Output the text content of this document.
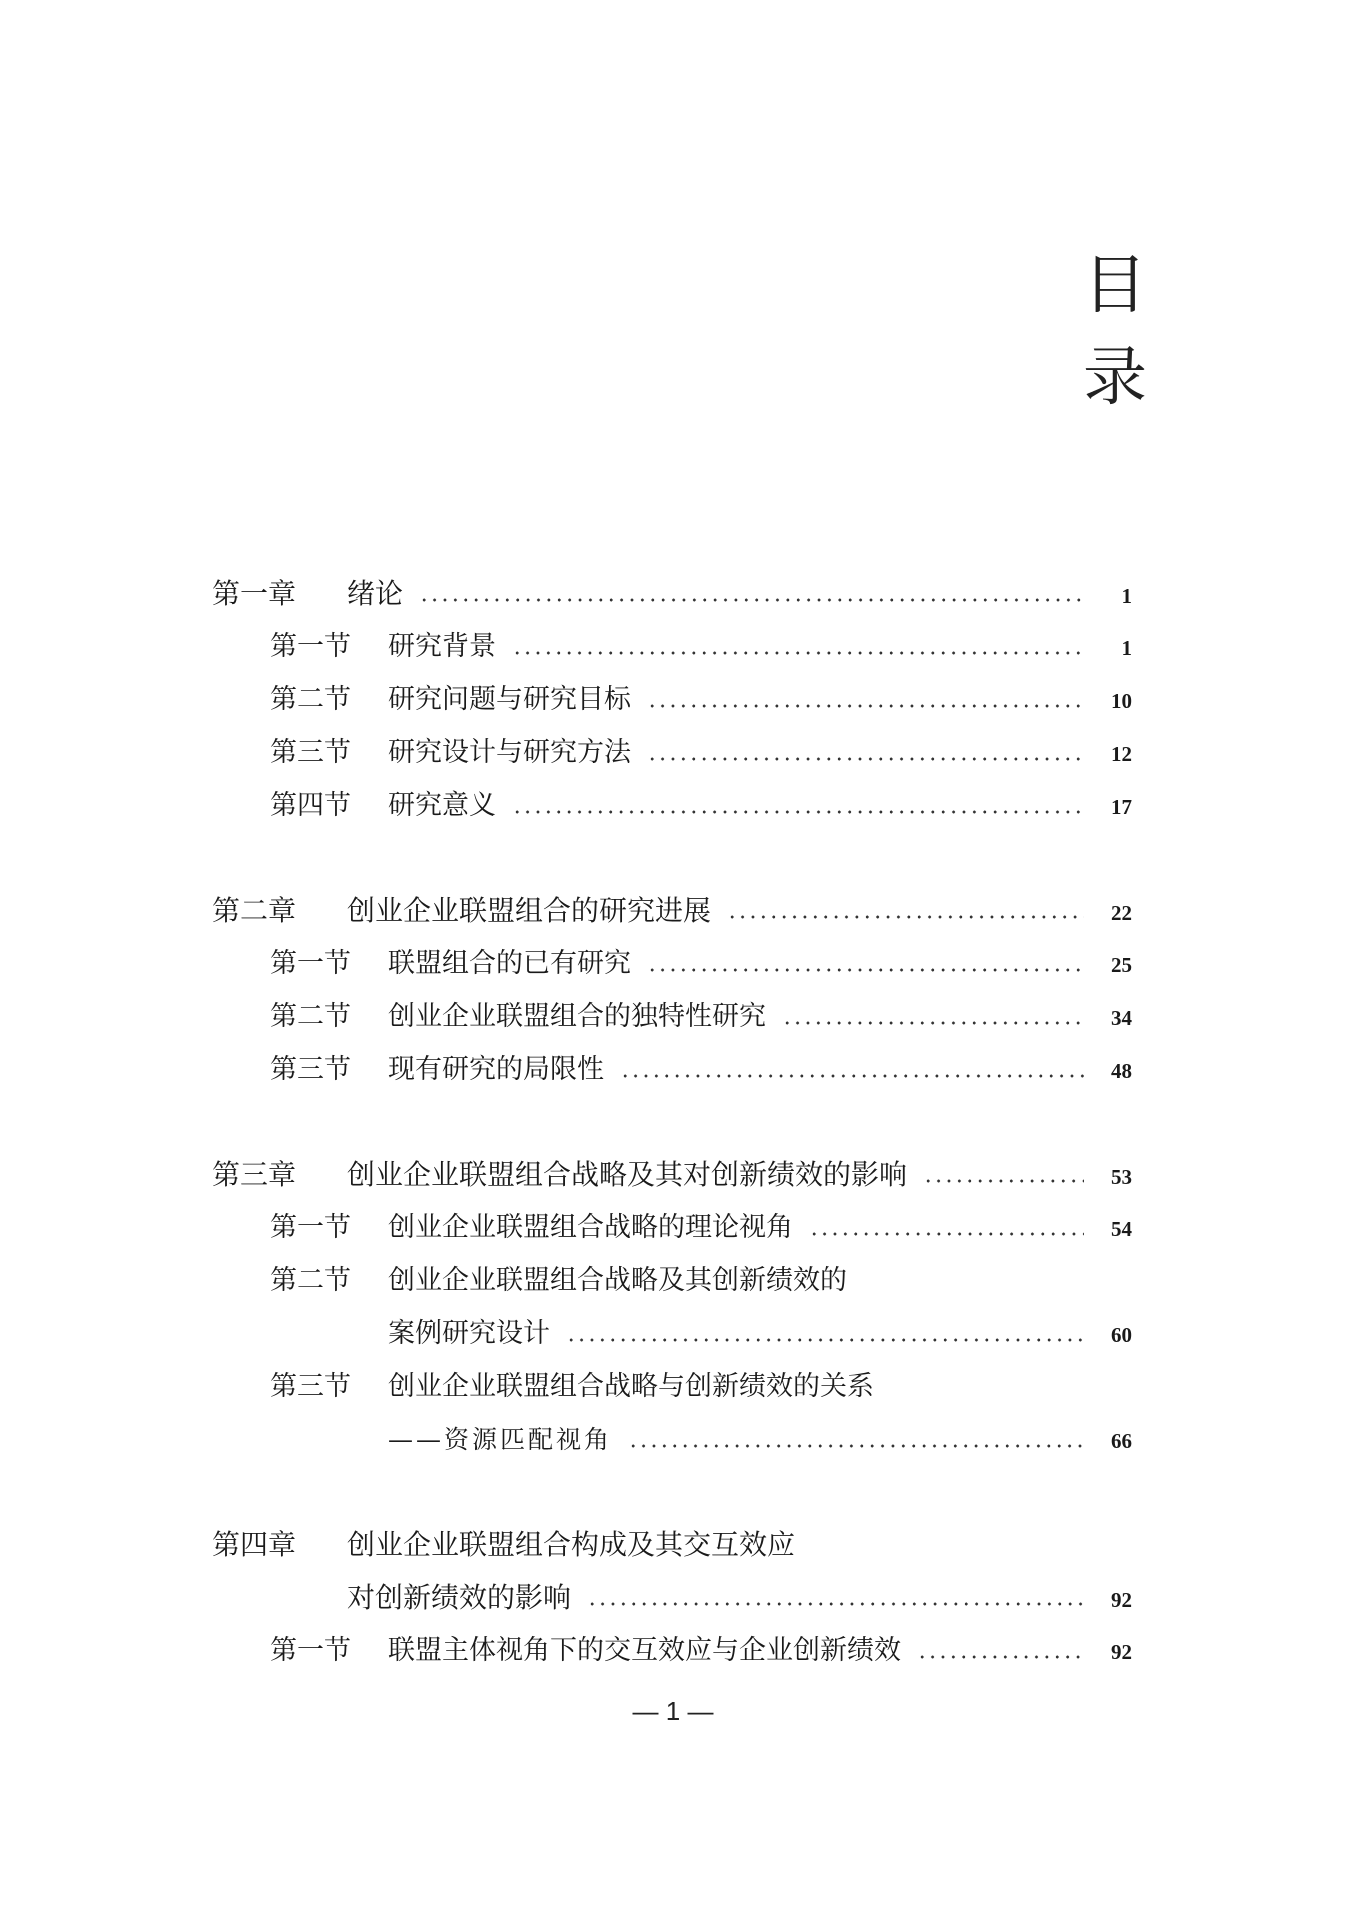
目
录
第一章	绪论	1
第一节	研究背景	1
第二节	研究问题与研究目标	10
第三节	研究设计与研究方法	12
第四节	研究意义	17
第二章	创业企业联盟组合的研究进展	22
第一节	联盟组合的已有研究	25
第二节	创业企业联盟组合的独特性研究	34
第三节	现有研究的局限性	48
第三章	创业企业联盟组合战略及其对创新绩效的影响	53
第一节	创业企业联盟组合战略的理论视角	54
第二节	创业企业联盟组合战略及其创新绩效的
案例研究设计	60
第三节	创业企业联盟组合战略与创新绩效的关系
——资源匹配视角	66
第四章	创业企业联盟组合构成及其交互效应
对创新绩效的影响	92
第一节	联盟主体视角下的交互效应与企业创新绩效	92
— 1 —
